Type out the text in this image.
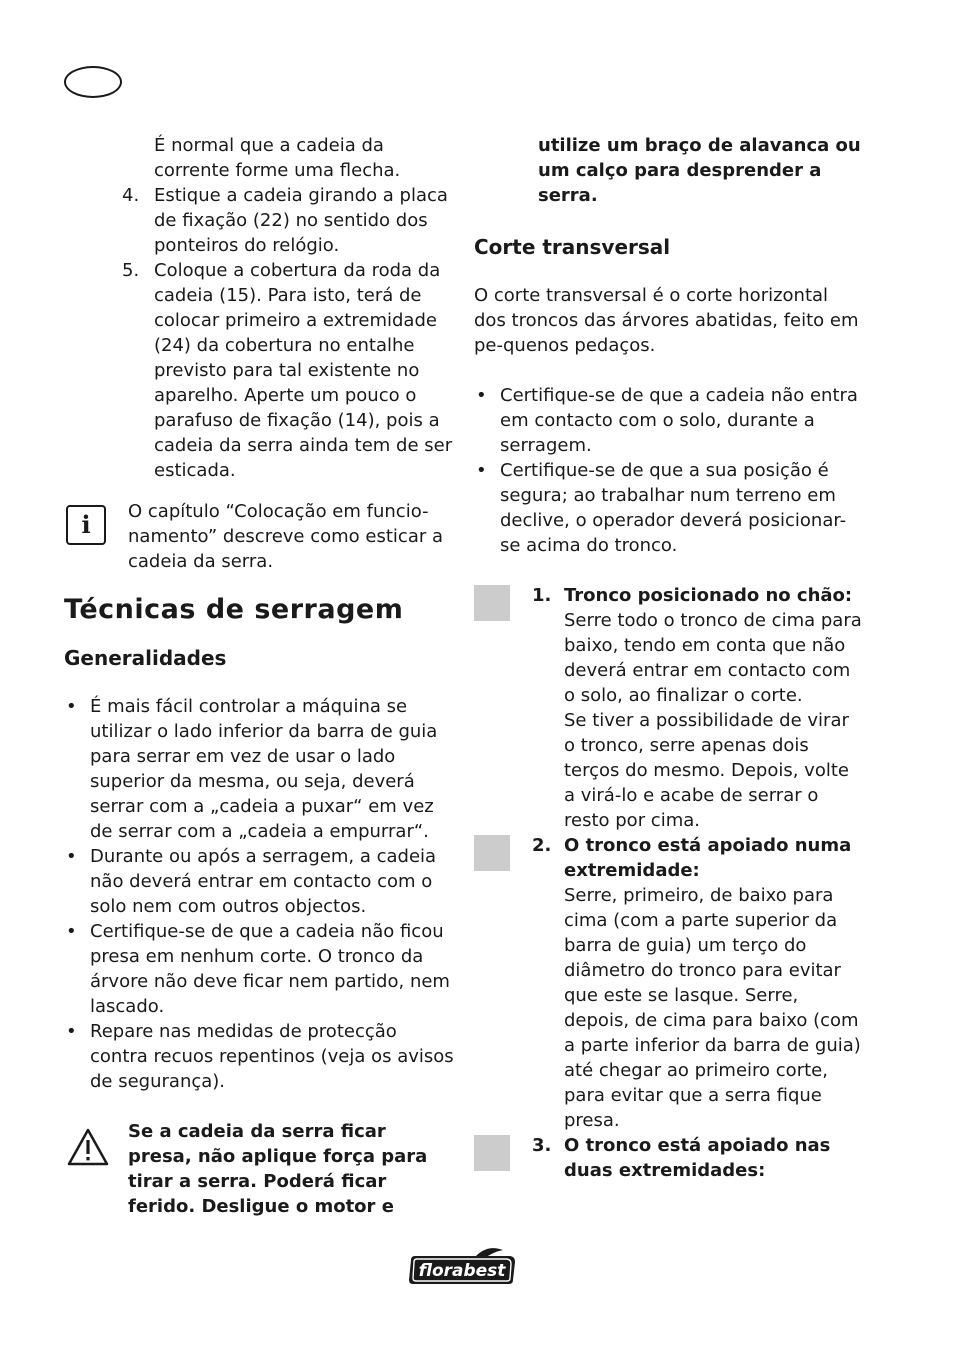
É normal que a cadeia da corrente forme uma flecha.
4. Estique a cadeia girando a placa de fixação (22) no sentido dos ponteiros do relógio.
5. Coloque a cobertura da roda da cadeia (15). Para isto, terá de colocar primeiro a extremidade (24) da cobertura no entalhe previsto para tal existente no aparelho. Aperte um pouco o parafuso de fixação (14), pois a cadeia da serra ainda tem de ser esticada.
i	O capítulo “Colocação em funcio-namento” descreve como esticar a cadeia da serra.
Técnicas de serragem
Generalidades
• É mais fácil controlar a máquina se utilizar o lado inferior da barra de guia para serrar em vez de usar o lado superior da mesma, ou seja, deverá serrar com a „cadeia a puxar“ em vez de serrar com a „cadeia a empurrar“.
• Durante ou após a serragem, a cadeia não deverá entrar em contacto com o solo nem com outros objectos.
• Certifique-se de que a cadeia não ficou presa em nenhum corte. O tronco da árvore não deve ficar nem partido, nem lascado.
• Repare nas medidas de protecção contra recuos repentinos (veja os avisos de segurança).
Se a cadeia da serra ficar presa, não aplique força para tirar a serra. Poderá ficar ferido. Desligue o motor e
utilize um braço de alavanca ou um calço para desprender a serra.
Corte transversal
O corte transversal é o corte horizontal dos troncos das árvores abatidas, feito em pe-quenos pedaços.
• Certifique-se de que a cadeia não entra em contacto com o solo, durante a serragem.
• Certifique-se de que a sua posição é segura; ao trabalhar num terreno em declive, o operador deverá posicionar-se acima do tronco.
1. Tronco posicionado no chão:
Serre todo o tronco de cima para baixo, tendo em conta que não deverá entrar em contacto com o solo, ao finalizar o corte.
Se tiver a possibilidade de virar o tronco, serre apenas dois terços do mesmo. Depois, volte a virá-lo e acabe de serrar o resto por cima.
2. O tronco está apoiado numa extremidade:
Serre, primeiro, de baixo para cima (com a parte superior da barra de guia) um terço do diâmetro do tronco para evitar que este se lasque. Serre, depois, de cima para baixo (com a parte inferior da barra de guia) até chegar ao primeiro corte, para evitar que a serra fique presa.
3. O tronco está apoiado nas duas extremidades:
florabest
